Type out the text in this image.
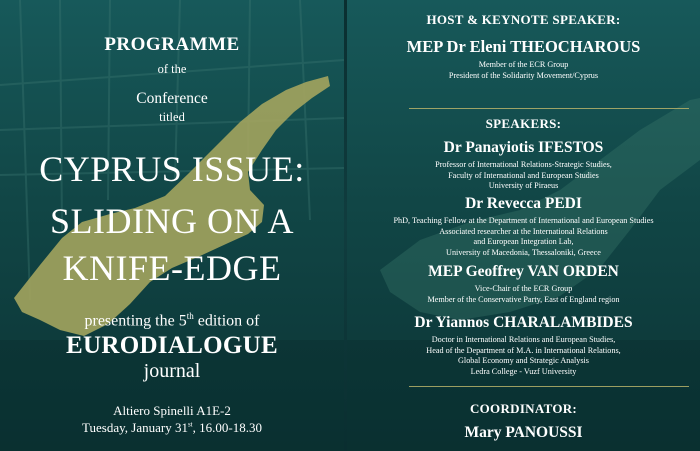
PROGRAMME
of the
Conference
titled
CYPRUS ISSUE:
SLIDING ON A
KNIFE-EDGE
presenting the 5th edition of
EURODIALOGUE
journal
Altiero Spinelli A1E-2
Tuesday, January 31st, 16.00-18.30
HOST & KEYNOTE SPEAKER:
MEP Dr Eleni THEOCHAROUS
Member of the ECR Group
President of the Solidarity Movement/Cyprus
SPEAKERS:
Dr Panayiotis IFESTOS
Professor of International Relations-Strategic Studies,
Faculty of International and European Studies
University of Piraeus
Dr Revecca PEDI
PhD, Teaching Fellow at the Department of International and European Studies
Associated researcher at the International Relations
and European Integration Lab,
University of Macedonia, Thessaloniki, Greece
MEP Geoffrey VAN ORDEN
Vice-Chair of the ECR Group
Member of the Conservative Party, East of England region
Dr Yiannos CHARALAMBIDES
Doctor in International Relations and European Studies,
Head of the Department of M.A. in International Relations,
Global Economy and Strategic Analysis
Ledra College - Vuzf University
COORDINATOR:
Mary PANOUSSI
